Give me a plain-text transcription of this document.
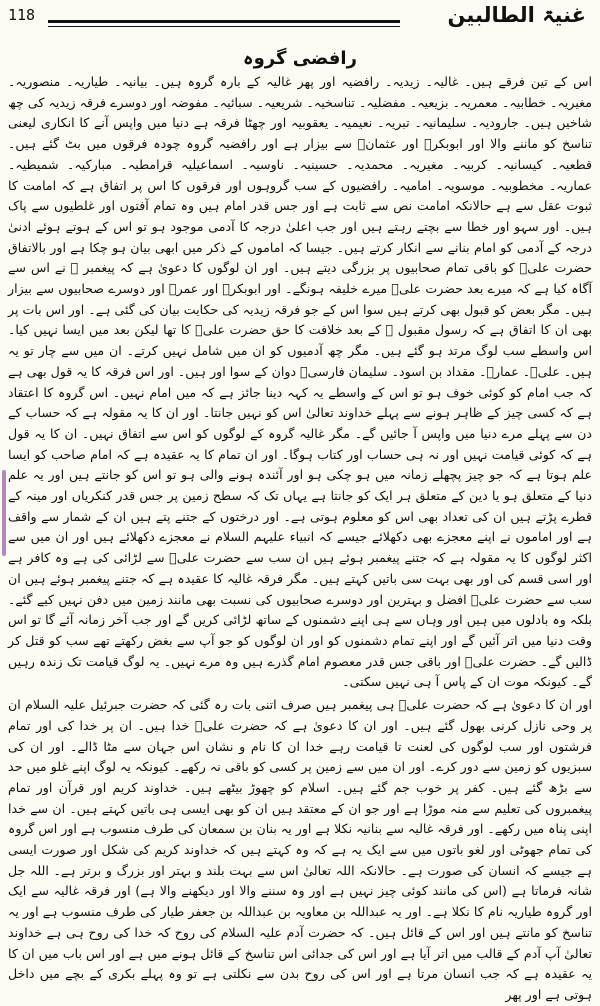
118	غنیۃ الطالبین
رافضی گروہ

اس کے تین فرقے ہیں۔ غالیہ۔ زیدیہ۔ رافضیہ اور پھر غالیہ کے بارہ گروہ ہیں۔ بیانیہ۔ طیاریہ۔ منصوریہ۔ مغیریہ۔ خطابیہ۔ معمریہ۔ بزیعیہ۔ مفضلیہ۔ تناسخیہ۔ شریعیہ۔ سبائیہ۔ مفوضہ اور دوسرے فرقہ زیدیہ کی چھ شاخیں ہیں۔ جارودیہ۔ سلیمانیہ۔ تبریہ۔ نعیمیہ۔ یعقوبیہ اور چھٹا فرقہ ہے دنیا میں واپس آنے کا انکاری لیعنی تناسخ کو ماننے والا اور ابوبکرؓ اور عثمانؓ سے بیزار ہے اور رافضیہ گروہ چودہ فرقوں میں بٹ گئے ہیں۔ قطعیہ۔ کیسانیہ۔ کربیہ۔ مغیریہ۔ محمدیہ۔ حسینیہ۔ ناوسیہ۔ اسماعیلیہ قرامطیہ۔ مبارکیہ۔ شمیطیہ۔ عماریہ۔ مخطوبیہ۔ موسویہ۔ امامیہ۔ رافضیوں کے سب گروہوں اور فرقوں کا اس پر اتفاق ہے کہ امامت کا ثبوت عقل سے ہے حالانکہ امامت نص سے ثابت ہے اور جس قدر امام ہیں وہ تمام آفتوں اور غلطیوں سے پاک ہیں۔ اور سہو اور خطا سے بچتے رہتے ہیں اور جب اعلیٰ درجہ کا آدمی موجود ہو تو اس کے ہوتے ہوئے ادنیٰ درجہ کے آدمی کو امام بنانے سے انکار کرتے ہیں۔ جیسا کہ اماموں کے ذکر میں ابھی بیان ہو چکا ہے اور بالاتفاق حضرت علیؓ کو باقی تمام صحابیوں پر بزرگی دیتے ہیں۔ اور ان لوگوں کا دعویٰ ہے کہ پیغمبر ﷺ نے اس سے آگاہ کیا ہے کہ میرے بعد حضرت علیؓ میرے خلیفہ ہونگے۔ اور ابوبکرؓ اور عمرؓ اور دوسرے صحابیوں سے بیزار ہیں۔ مگر بعض کو قبول بھی کرتے ہیں سوا اس کے جو فرقہ زیدیہ کی حکایت بیان کی گئی ہے۔ اور اس بات پر بھی ان کا اتفاق ہے کہ رسول مقبول ﷺ کے بعد خلافت کا حق حضرت علیؓ کا تھا لیکن بعد میں ایسا نہیں کیا۔ اس واسطے سب لوگ مرتد ہو گئے ہیں۔ مگر چھ آدمیوں کو ان میں شامل نہیں کرتے۔ ان میں سے چار تو یہ ہیں۔ علیؓ۔ عمارؓ۔ مقداد بن اسود۔ سلیمان فارسیؓ دوان کے سوا اور ہیں۔ اور اس فرقہ کا یہ قول بھی ہے کہ جب امام کو کوئی خوف ہو تو اس کے واسطے یہ کہہ دینا جائز ہے کہ میں امام نہیں۔ اس گروہ کا اعتقاد ہے کہ کسی چیز کے ظاہر ہونے سے پہلے خداوند تعالیٰ اس کو نہیں جانتا۔ اور ان کا یہ مقولہ ہے کہ حساب کے دن سے پہلے مرے دنیا میں واپس آ جائیں گے۔ مگر غالیہ گروہ کے لوگوں کو اس سے اتفاق نہیں۔ ان کا یہ قول ہے کہ کوئی قیامت نہیں اور نہ ہی حساب اور کتاب ہوگا۔ اور ان تمام کا یہ عقیدہ ہے کہ امام صاحب کو ایسا علم ہوتا ہے کہ جو چیز پچھلے زمانہ میں ہو چکی ہو اور آئندہ ہونے والی ہو تو اس کو جانتے ہیں اور یہ علم دنیا کے متعلق ہو یا دین کے متعلق ہر ایک کو جانتا ہے یہاں تک کہ سطح زمین پر جس قدر کنکریاں اور مینہ کے قطرے پڑتے ہیں ان کی تعداد بھی اس کو معلوم ہوتی ہے۔ اور درختوں کے جتنے پتے ہیں ان کے شمار سے واقف ہے اور اماموں نے اپنے معجزے بھی دکھلائے جیسے کہ انبیاء علیہم السلام نے معجزے دکھلائے ہیں اور ان میں سے اکثر لوگوں کا یہ مقولہ ہے کہ جتنے پیغمبر ہوئے ہیں ان سب سے حضرت علیؓ سے لڑائی کی ہے وہ کافر ہے اور اسی قسم کی اور بھی بہت سی باتیں کہتے ہیں۔ مگر فرقہ غالیہ کا عقیدہ ہے کہ جتنے پیغمبر ہوئے ہیں ان سب سے حضرت علیؓ افضل و بہترین اور دوسرے صحابیوں کی نسبت بھی مانند زمین میں دفن نہیں کیے گئے۔ بلکہ وہ بادلوں میں ہیں اور وہاں سے ہی اپنے دشمنوں کے ساتھ لڑائی کریں گے اور جب آخر زمانہ آئے گا تو اس وقت دنیا میں اتر آئیں گے اور اپنے تمام دشمنوں کو اور ان لوگوں کو جو آپ سے بغض رکھتے تھے سب کو قتل کر ڈالیں گے۔ حضرت علیؓ اور باقی جس قدر معصوم امام گذرے ہیں وہ مرے نہیں۔ یہ لوگ قیامت تک زندہ رہیں گے۔ کیونکہ موت ان کے پاس آ ہی نہیں سکتی۔

اور ان کا دعویٰ ہے کہ حضرت علیؓ ہی پیغمبر ہیں صرف اتنی بات رہ گئی کہ حضرت جبرئیل علیہ السلام ان پر وحی نازل کرنی بھول گئے ہیں۔ اور ان کا دعویٰ ہے کہ حضرت علیؓ خدا ہیں۔ ان پر خدا کی اور تمام فرشتوں اور سب لوگوں کی لعنت تا قیامت رہے خدا ان کا نام و نشان اس جہان سے مٹا ڈالے۔ اور ان کی سبزیوں کو زمین سے دور کرے۔ اور ان میں سے زمین پر کسی کو باقی نہ رکھے۔ کیونکہ یہ لوگ اپنے غلو میں حد سے بڑھ گئے ہیں۔ کفر پر خوب جم گئے ہیں۔ اسلام کو چھوڑ بیٹھے ہیں۔ خداوند کریم اور قرآن اور تمام پیغمبروں کی تعلیم سے منہ موڑا ہے اور جو ان کے معتقد ہیں ان کو بھی ایسی ہی باتیں کہتے ہیں۔ ان سے خدا اپنی پناہ میں رکھے۔ اور فرقہ غالیہ سے بنانیہ نکلا ہے اور یہ بنان بن سمعان کی طرف منسوب ہے اور اس گروہ کی تمام جھوٹی اور لغو باتوں میں سے ایک یہ ہے کہ وہ کہتے ہیں کہ خداوند کریم کی شکل اور صورت ایسی ہے جیسے کہ انسان کی صورت ہے۔ حالانکہ اللہ تعالیٰ اس سے بہت بلند و بہتر اور بزرگ و برتر ہے۔ اللہ جل شانہ فرماتا ہے (اس کی مانند کوئی چیز نہیں ہے اور وہ سننے والا اور دیکھنے والا ہے) اور فرقہ غالیہ سے ایک اور گروہ طیاریہ نام کا نکلا ہے۔ اور یہ عبداللہ بن معاویہ بن عبداللہ بن جعفر طیار کی طرف منسوب ہے اور یہ تناسخ کو مانتے ہیں اور اس کے قائل ہیں۔ کہ حضرت آدم علیہ السلام کی روح کہ خدا کی روح ہی ہے خداوند تعالیٰ آپ آدم کے قالب میں اتر آیا ہے اور اس کی جدائی اس تناسخ کے قائل ہونے میں ہے اور اس باب میں ان کا یہ عقیدہ ہے کہ جب انسان مرتا ہے اور اس کی روح بدن سے نکلتی ہے تو وہ پہلے بکری کے بچے میں داخل ہوتی ہے اور پھر
